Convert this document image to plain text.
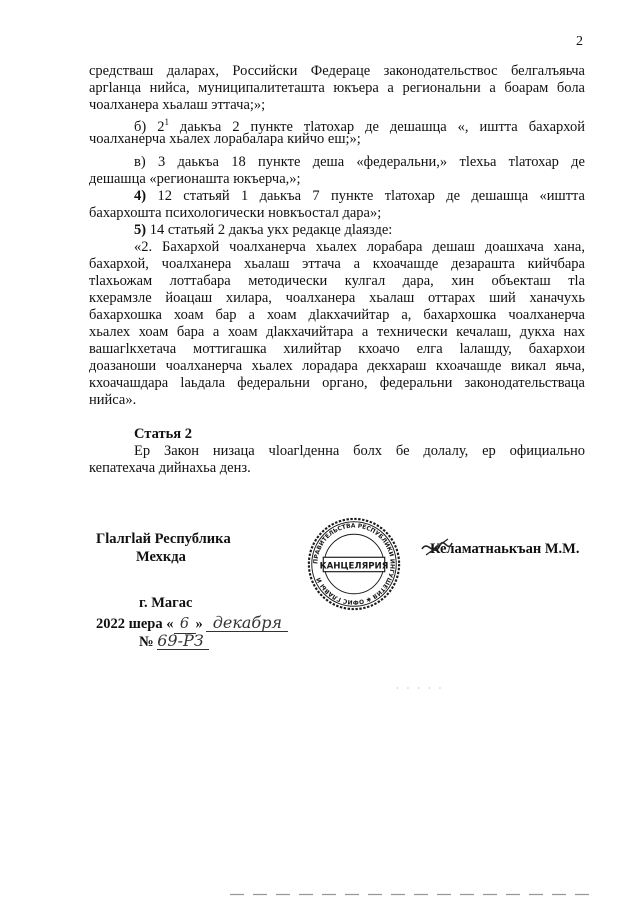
2
средстваш даларах, Российски Федераце законодательствос белгалъяьча
аргlанца нийса, муниципалитеташта юкъера а региональни а боарам бола
чоалханера хьалаш эттача;»;
б) $2^1$ даькъа 2 пункте тlатохар де дешашца «, иштта бахархой
чоалханерча хьалех лорабалара кийчо еш;»;
в) 3 даькъа 18 пункте деша «федеральни,» тlехьа тlатохар де
дешашца «регионашта юкъерча,»;
4) 12 статьяй 1 даькъа 7 пункте тlатохар де дешашца «иштта
бахархошта психологически новкъостал дара»;
5) 14 статьяй 2 дакъа укх редакце дlаязде:
«2. Бахархой чоалханерча хьалех лорабара дешаш доашхача хана,
бахархой, чоалханера хьалаш эттача а кхоачашде дезараштa кийчбара
тlахьожам лоттабара методически кулгал дара, хин объекташ тlа
кхерамзле йоацаш хилара, чоалханера хьалаш оттарах ший ханачухь
бахархошка хоам бар а хоам дlакхачийтар а, бахархошка чоалханерча
хьалех хоам бара а хоам дlакхачийтара а технически кечалаш, дукха нах
вашагlкхетача моттигашка хилийтар кхоачо елга lалашду, бахархои
доазаноши чоалханерча хьалех лорадара декхараш кхоачашде викал яьча,
кхоачашдара lаьдала федеральни органо, федеральни законодательстваца
нийса».
Статья 2
Ер Закон низаца чlоагlденна болх бе долалу, ер официально
кепатехача дийнахьа денз.
Гlалгlай Республикa
Мехкда	Келаматнаькъан М.М.
ПРАВИТЕЛЬСТВА РЕСПУБЛИКИ ИНГУШЕТИЯ ✱ ОФИС ГЛАВЫ И
КАНЦЕЛЯРИЯ
г. Магас
2022 шера « 6 » декабря
№ 69-РЗ
· · · · ·
